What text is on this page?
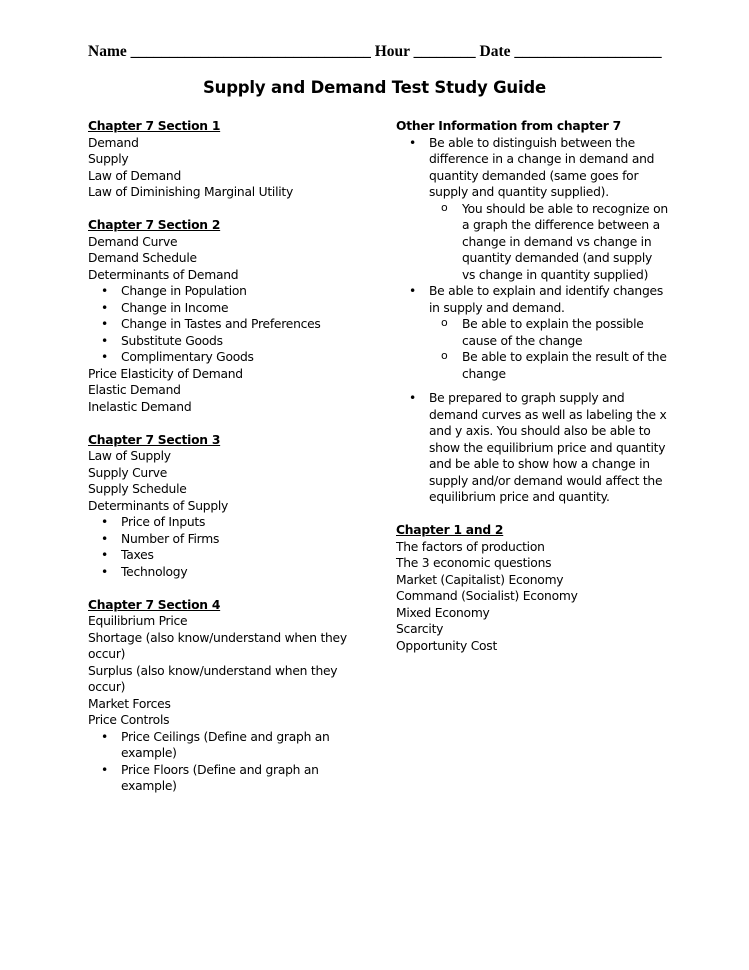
Name _______________________________ Hour ________ Date ___________________
Supply and Demand Test Study Guide
Chapter 7 Section 1
Demand
Supply
Law of Demand
Law of Diminishing Marginal Utility
Chapter 7 Section 2
Demand Curve
Demand Schedule
Determinants of Demand
• Change in Population
• Change in Income
• Change in Tastes and Preferences
• Substitute Goods
• Complimentary Goods
Price Elasticity of Demand
Elastic Demand
Inelastic Demand
Chapter 7 Section 3
Law of Supply
Supply Curve
Supply Schedule
Determinants of Supply
• Price of Inputs
• Number of Firms
• Taxes
• Technology
Chapter 7 Section 4
Equilibrium Price
Shortage (also know/understand when they occur)
Surplus (also know/understand when they occur)
Market Forces
Price Controls
• Price Ceilings (Define and graph an example)
• Price Floors (Define and graph an example)
Other Information from chapter 7
• Be able to distinguish between the difference in a change in demand and quantity demanded (same goes for supply and quantity supplied).
o You should be able to recognize on a graph the difference between a change in demand vs change in quantity demanded (and supply vs change in quantity supplied)
• Be able to explain and identify changes in supply and demand.
o Be able to explain the possible cause of the change
o Be able to explain the result of the change
• Be prepared to graph supply and demand curves as well as labeling the x and y axis. You should also be able to show the equilibrium price and quantity and be able to show how a change in supply and/or demand would affect the equilibrium price and quantity.
Chapter 1 and 2
The factors of production
The 3 economic questions
Market (Capitalist) Economy
Command (Socialist) Economy
Mixed Economy
Scarcity
Opportunity Cost
